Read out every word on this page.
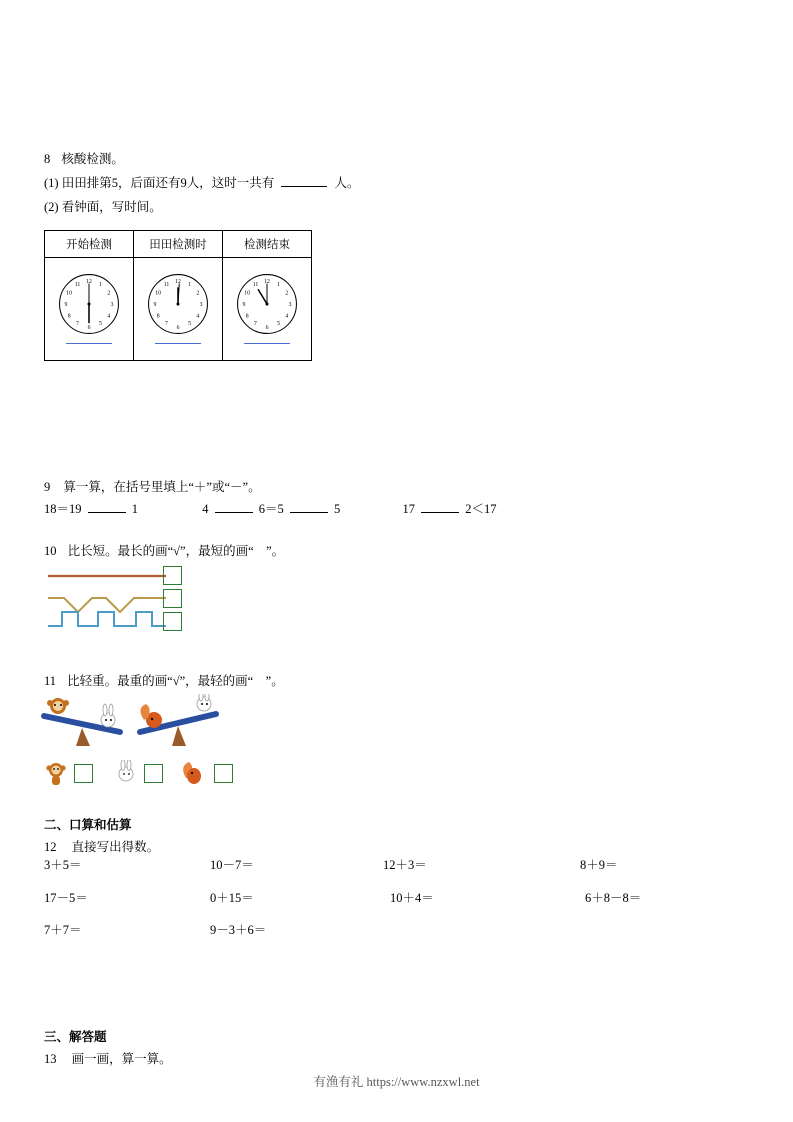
8 核酸检测。
(1) 田田排第5，后面还有9人，这时一共有	人。
(2) 看钟面，写时间。
开始检测	田田检测时	检测结束

12
1
2
3
4
5
6
7
8
9
10
11

12
1
2
3
4
5
6
7
8
9
10
11

12
1
2
3
4
5
6
7
8
9
10
11
9 算一算，在括号里填上“＋”或“－”。
18＝19	1	4	6＝5	5	17	2＜17
10 比长短。最长的画“√”，最短的画“　”。
11 比轻重。最重的画“√”，最轻的画“　”。
二、口算和估算
12 直接写出得数。
3＋5＝	10－7＝	12＋3＝	8＋9＝
17－5＝	0＋15＝	10＋4＝	6＋8－8＝
7＋7＝	9－3＋6＝
三、解答题
13 画一画，算一算。
有渔有礼 https://www.nzxwl.net
